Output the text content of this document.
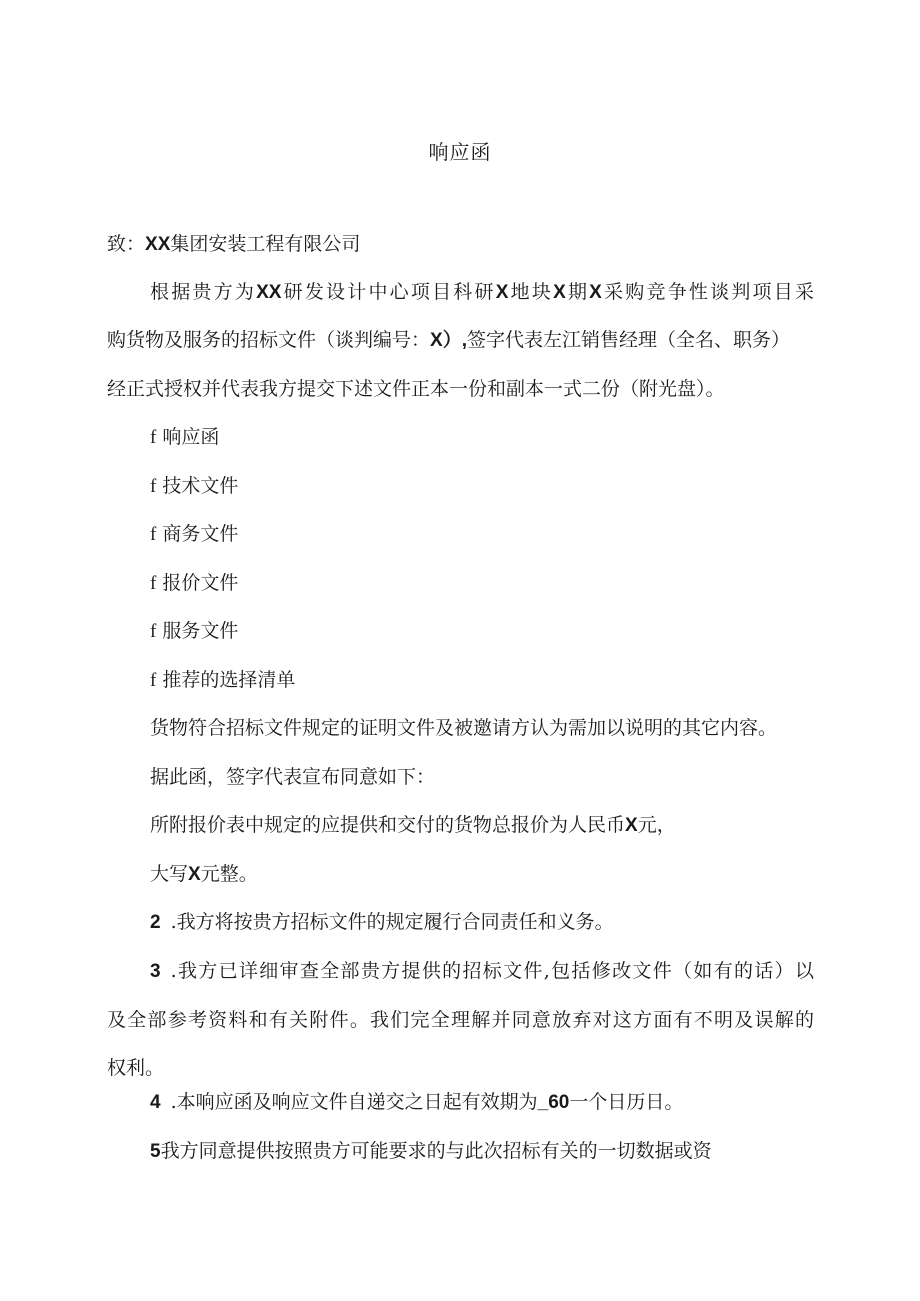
响应函
致：XX集团安装工程有限公司
根据贵方为XX研发设计中心项目科研X地块X期X采购竞争性谈判项目采
购货物及服务的招标文件（谈判编号：X）,签字代表左江销售经理（全名、职务）
经正式授权并代表我方提交下述文件正本一份和副本一式二份（附光盘）。
f 响应函
f 技术文件
f 商务文件
f 报价文件
f 服务文件
f 推荐的选择清单
货物符合招标文件规定的证明文件及被邀请方认为需加以说明的其它内容。
据此函，签字代表宣布同意如下：
所附报价表中规定的应提供和交付的货物总报价为人民币X元，
大写X元整。
2 .我方将按贵方招标文件的规定履行合同责任和义务。
3 .我方已详细审查全部贵方提供的招标文件,包括修改文件（如有的话）以
及全部参考资料和有关附件。我们完全理解并同意放弃对这方面有不明及误解的
权利。
4 .本响应函及响应文件自递交之日起有效期为_60一个日历日。
5我方同意提供按照贵方可能要求的与此次招标有关的一切数据或资
